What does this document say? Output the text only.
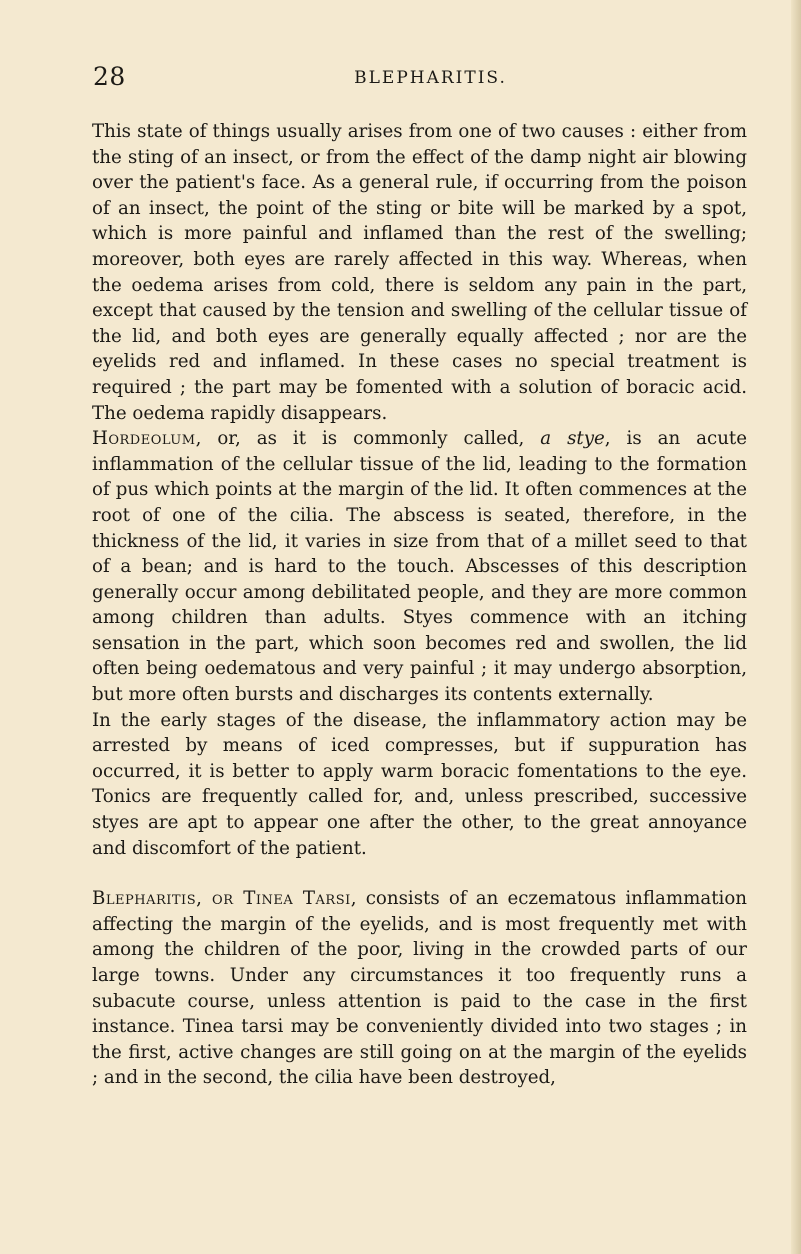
28	BLEPHARITIS.

This state of things usually arises from one of two causes : either from the sting of an insect, or from the effect of the damp night air blowing over the patient's face. As a general rule, if occurring from the poison of an insect, the point of the sting or bite will be marked by a spot, which is more painful and inflamed than the rest of the swelling; moreover, both eyes are rarely affected in this way. Whereas, when the oedema arises from cold, there is seldom any pain in the part, except that caused by the tension and swelling of the cellular tissue of the lid, and both eyes are generally equally affected ; nor are the eyelids red and inflamed. In these cases no special treatment is required ; the part may be fomented with a solution of boracic acid. The oedema rapidly disappears.

Hordeolum, or, as it is commonly called, a stye, is an acute inflammation of the cellular tissue of the lid, leading to the formation of pus which points at the margin of the lid. It often commences at the root of one of the cilia. The abscess is seated, therefore, in the thickness of the lid, it varies in size from that of a millet seed to that of a bean; and is hard to the touch. Abscesses of this description generally occur among debilitated people, and they are more common among children than adults. Styes commence with an itching sensation in the part, which soon becomes red and swollen, the lid often being oedematous and very painful ; it may undergo absorption, but more often bursts and discharges its contents externally.

In the early stages of the disease, the inflammatory action may be arrested by means of iced compresses, but if suppuration has occurred, it is better to apply warm boracic fomentations to the eye. Tonics are frequently called for, and, unless prescribed, successive styes are apt to appear one after the other, to the great annoyance and discomfort of the patient.

Blepharitis, or Tinea Tarsi, consists of an eczematous inflammation affecting the margin of the eyelids, and is most frequently met with among the children of the poor, living in the crowded parts of our large towns. Under any circumstances it too frequently runs a subacute course, unless attention is paid to the case in the first instance. Tinea tarsi may be conveniently divided into two stages ; in the first, active changes are still going on at the margin of the eyelids ; and in the second, the cilia have been destroyed,
